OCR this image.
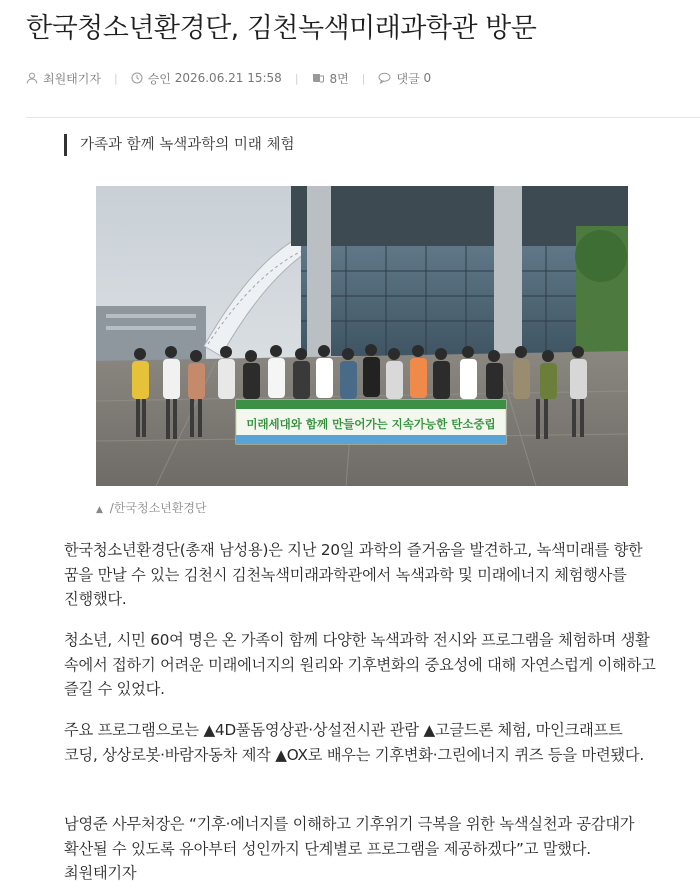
한국청소년환경단, 김천녹색미래과학관 방문
최원태기자 |	승인
2026.06.21 15:58 |	8면 |	댓글
0
가족과 함께 녹색과학의 미래 체험
미래세대와 함께 만들어가는 지속가능한 탄소중립
▲ /한국청소년환경단

한국청소년환경단(총재 남성용)은 지난 20일 과학의 즐거움을 발견하고, 녹색미래를 향한 꿈을 만날 수 있는 김천시 김천녹색미래과학관에서 녹색과학 및 미래에너지 체험행사를 진행했다.

청소년, 시민 60여 명은 온 가족이 함께 다양한 녹색과학 전시와 프로그램을 체험하며 생활 속에서 접하기 어려운 미래에너지의 원리와 기후변화의 중요성에 대해 자연스럽게 이해하고 즐길 수 있었다.

주요 프로그램으로는 ▲4D풀돔영상관·상설전시관 관람 ▲고글드론 체험, 마인크래프트 코딩, 상상로봇·바람자동차 제작 ▲OX로 배우는 기후변화·그린에너지 퀴즈 등을 마련됐다.

남영준 사무처장은 “기후·에너지를 이해하고 기후위기 극복을 위한 녹색실천과 공감대가 확산될 수 있도록 유아부터 성인까지 단계별로 프로그램을 제공하겠다”고 말했다. 최원태기자
